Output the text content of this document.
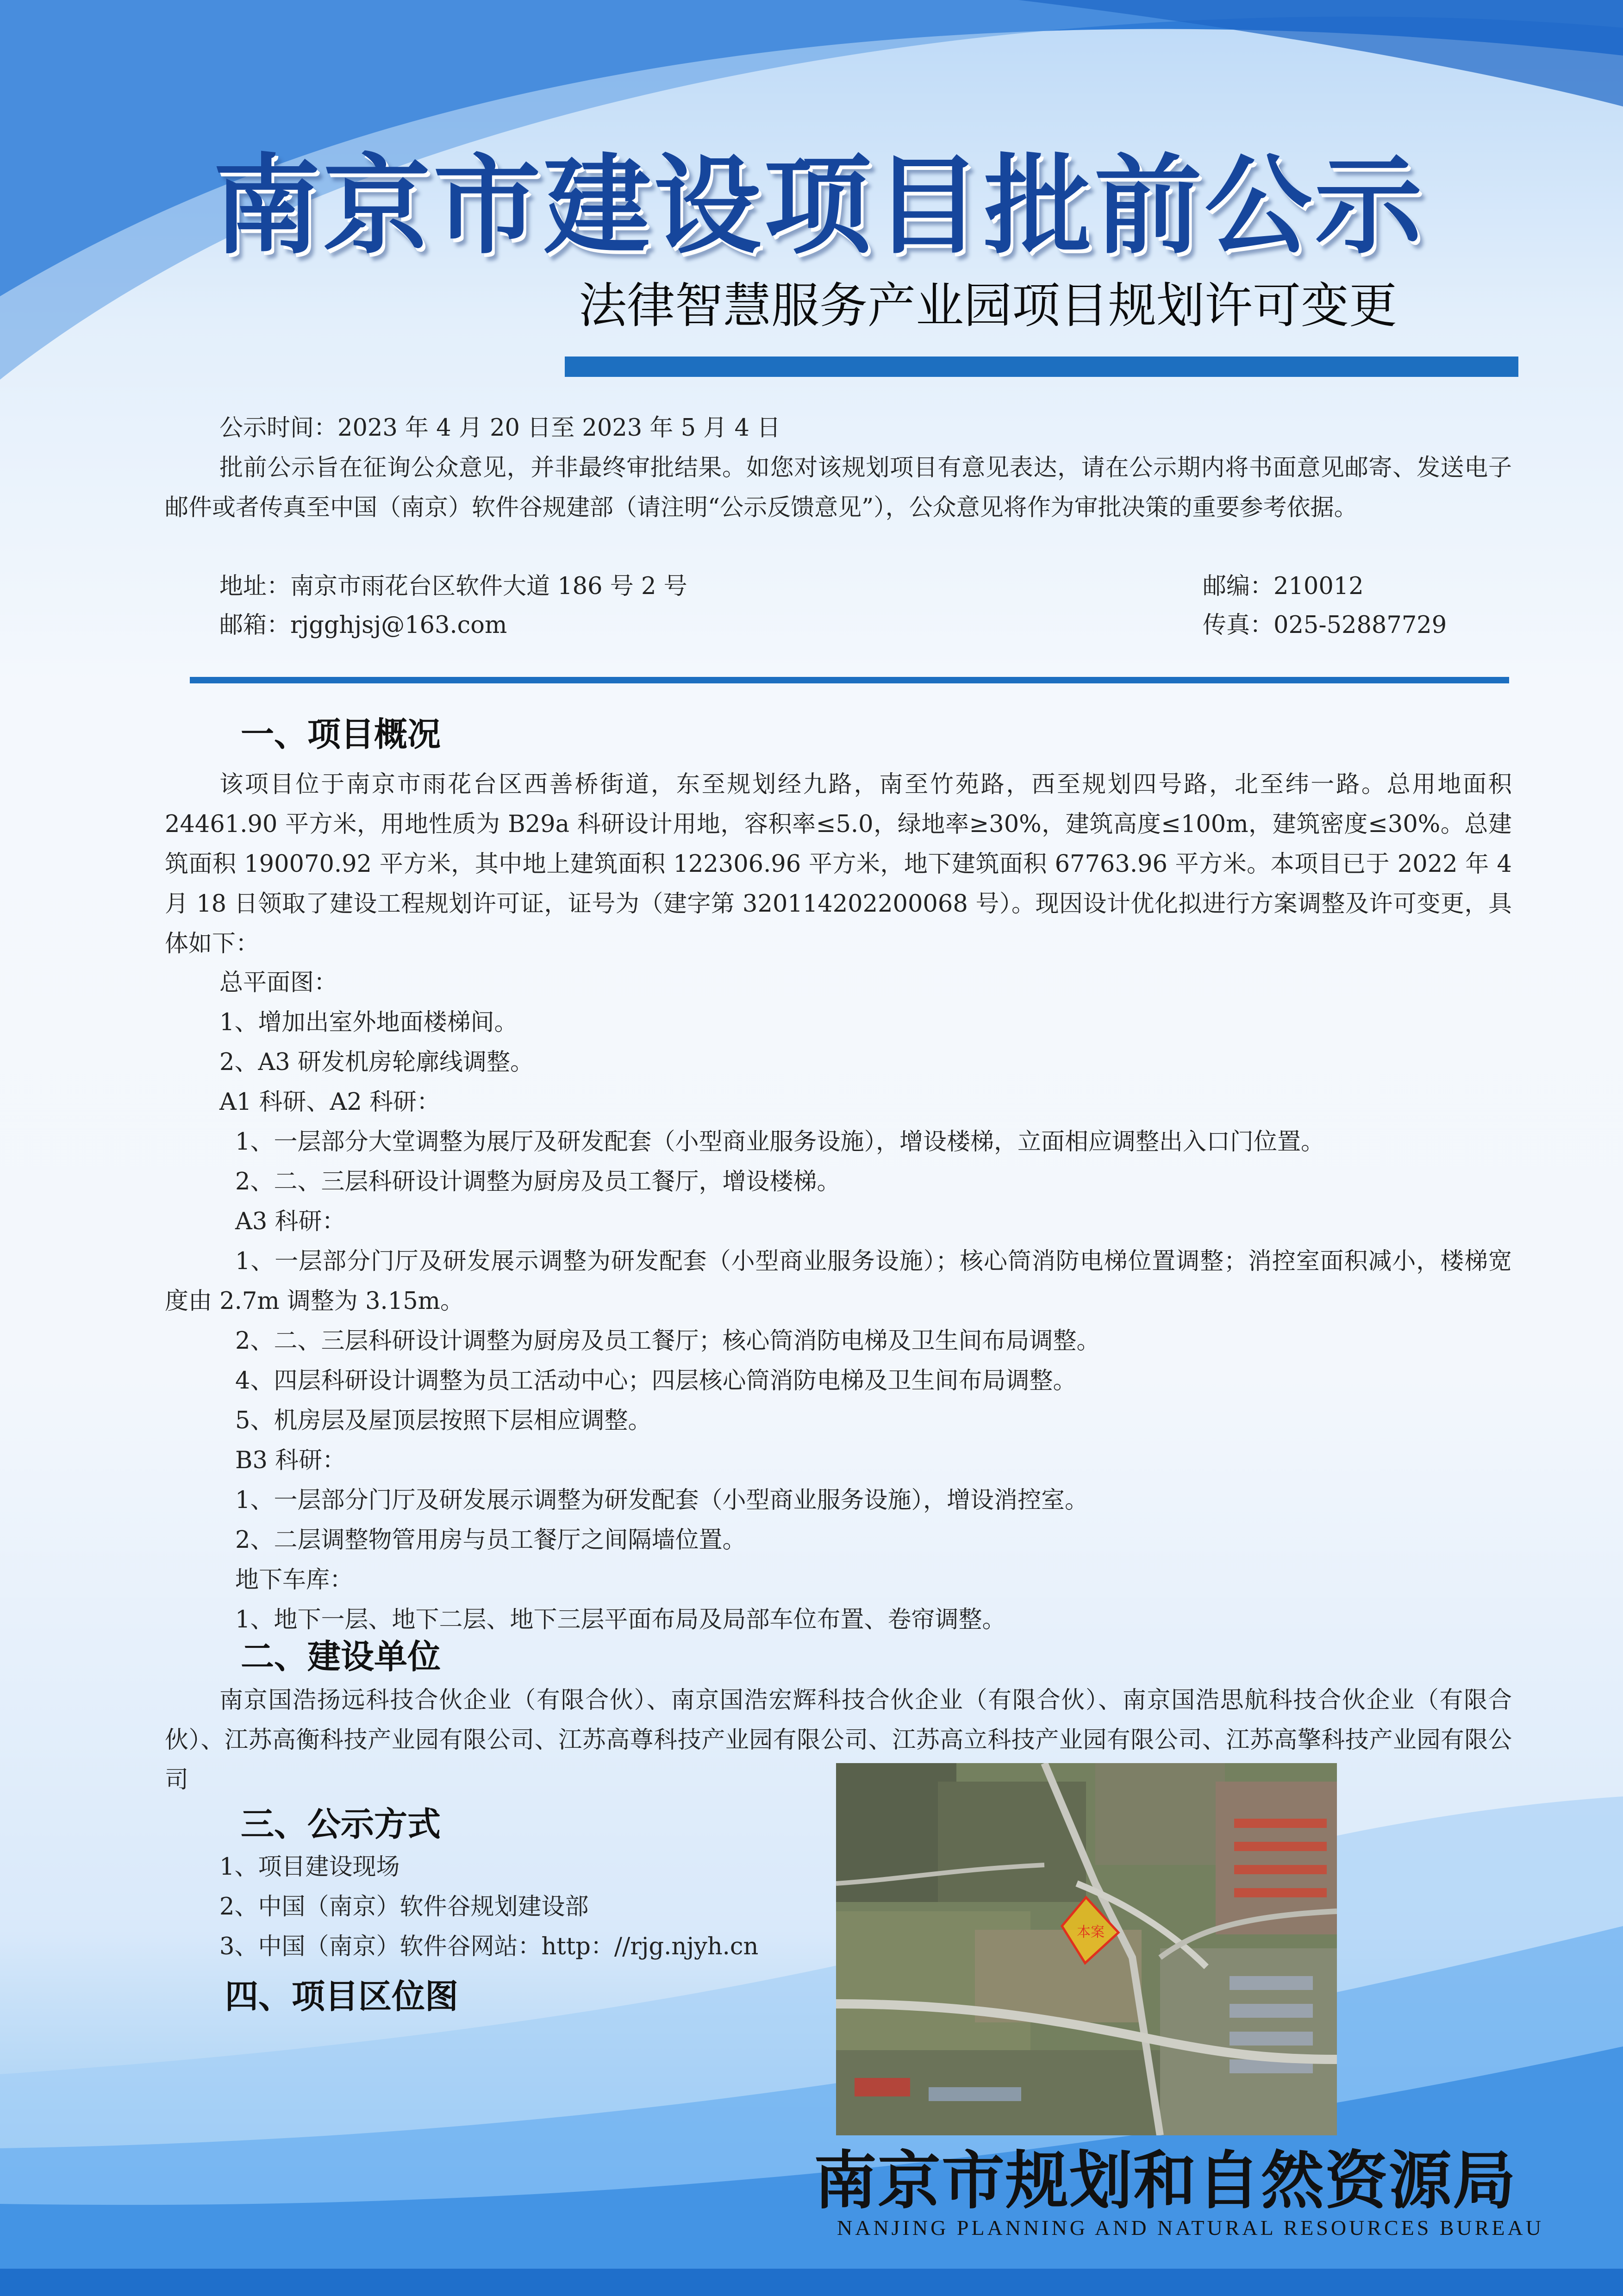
南京市建设项目批前公示
法律智慧服务产业园项目规划许可变更
公示时间：2023 年 4 月 20 日至 2023 年 5 月 4 日
批前公示旨在征询公众意见，并非最终审批结果。如您对该规划项目有意见表达，请在公示期内将书面意见邮寄、发送电子邮件或者传真至中国（南京）软件谷规建部（请注明“公示反馈意见”），公众意见将作为审批决策的重要参考依据。
地址：南京市雨花台区软件大道 186 号 2 号	邮编：210012
邮箱：rjgghjsj@163.com	传真：025-52887729
一、项目概况
该项目位于南京市雨花台区西善桥街道，东至规划经九路，南至竹苑路，西至规划四号路，北至纬一路。总用地面积 24461.90 平方米，用地性质为 B29a 科研设计用地，容积率≤5.0，绿地率≥30%，建筑高度≤100m，建筑密度≤30%。总建筑面积 190070.92 平方米，其中地上建筑面积 122306.96 平方米，地下建筑面积 67763.96 平方米。本项目已于 2022 年 4 月 18 日领取了建设工程规划许可证，证号为（建字第 320114202200068 号）。现因设计优化拟进行方案调整及许可变更，具体如下：
总平面图：
1、增加出室外地面楼梯间。
2、A3 研发机房轮廓线调整。
A1 科研、A2 科研：
1、一层部分大堂调整为展厅及研发配套（小型商业服务设施），增设楼梯，立面相应调整出入口门位置。
2、二、三层科研设计调整为厨房及员工餐厅，增设楼梯。
A3 科研：
1、一层部分门厅及研发展示调整为研发配套（小型商业服务设施）；核心筒消防电梯位置调整；消控室面积减小，楼梯宽度由 2.7m 调整为 3.15m。
2、二、三层科研设计调整为厨房及员工餐厅；核心筒消防电梯及卫生间布局调整。
4、四层科研设计调整为员工活动中心；四层核心筒消防电梯及卫生间布局调整。
5、机房层及屋顶层按照下层相应调整。
B3 科研：
1、一层部分门厅及研发展示调整为研发配套（小型商业服务设施），增设消控室。
2、二层调整物管用房与员工餐厅之间隔墙位置。
地下车库：
1、地下一层、地下二层、地下三层平面布局及局部车位布置、卷帘调整。
二、建设单位
南京国浩扬远科技合伙企业（有限合伙）、南京国浩宏辉科技合伙企业（有限合伙）、南京国浩思航科技合伙企业（有限合伙）、江苏高衡科技产业园有限公司、江苏高尊科技产业园有限公司、江苏高立科技产业园有限公司、江苏高擎科技产业园有限公司
三、公示方式
1、项目建设现场
2、中国（南京）软件谷规划建设部
3、中国（南京）软件谷网站：http：//rjg.njyh.cn
四、项目区位图
本案
南京市规划和自然资源局
NANJING PLANNING AND NATURAL RESOURCES BUREAU
